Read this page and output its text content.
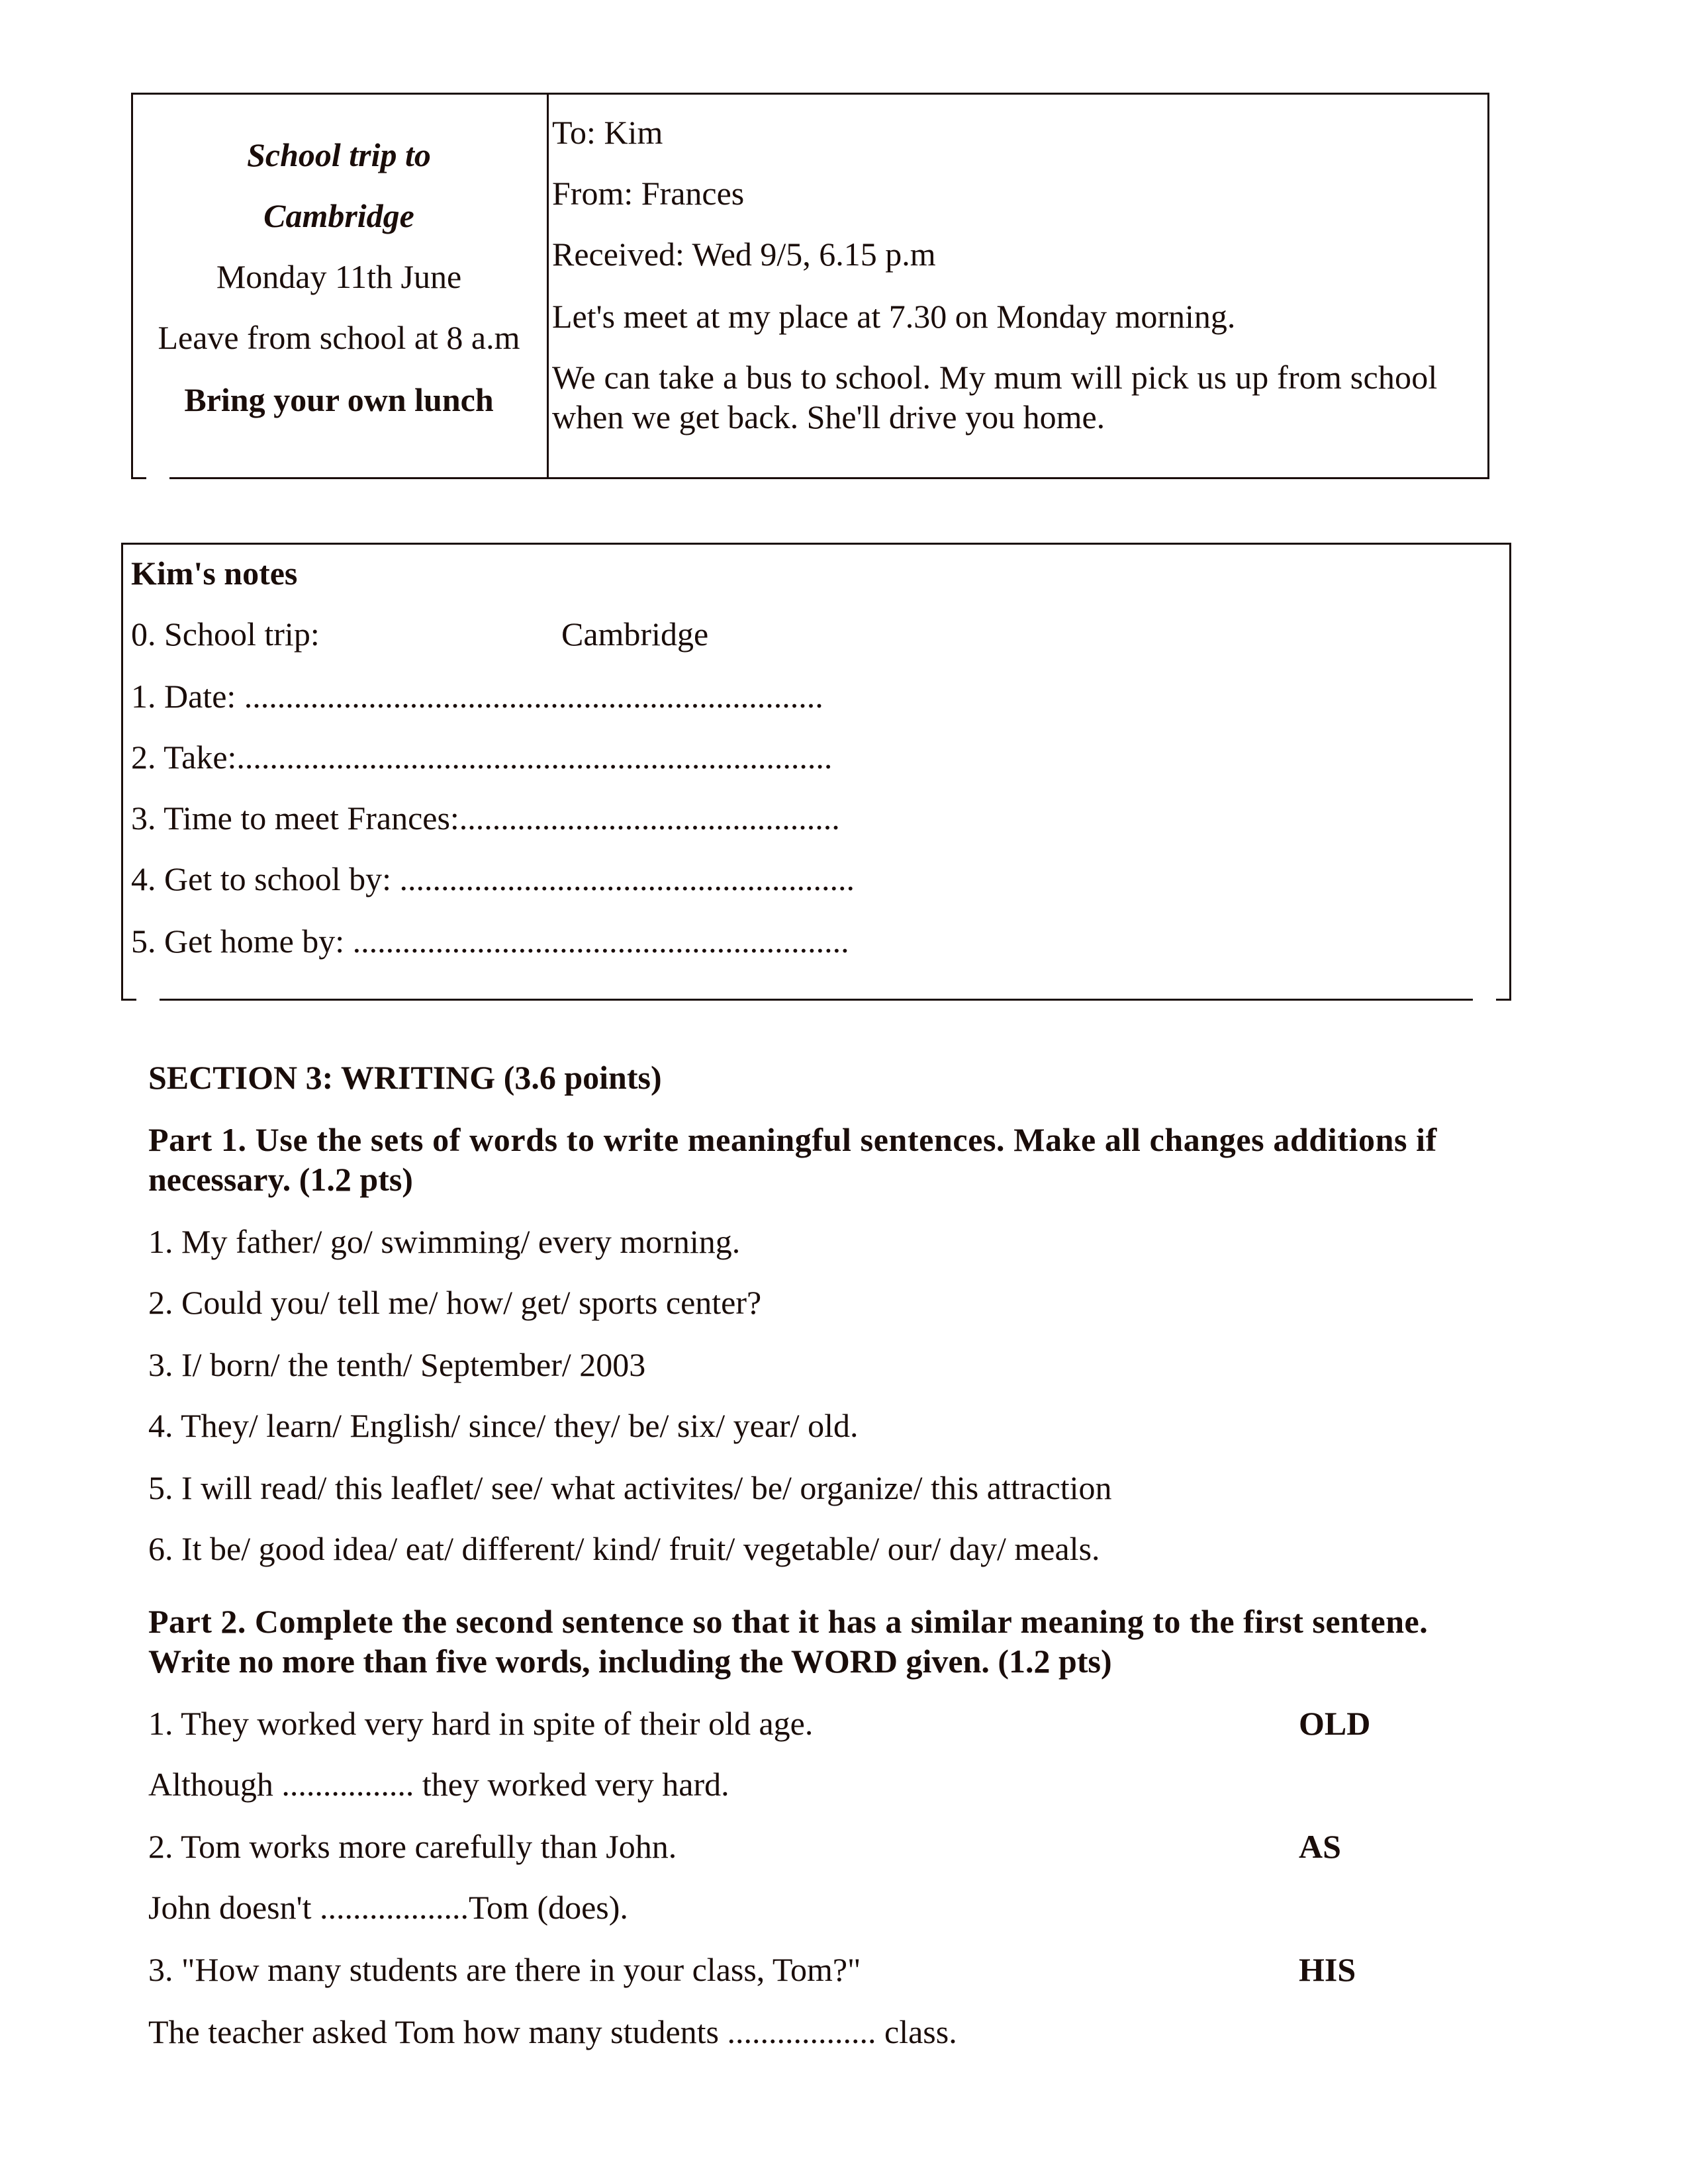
School trip to
Cambridge
Monday 11th June
Leave from school at 8 a.m
Bring your own lunch
To: Kim
From: Frances
Received: Wed 9/5, 6.15 p.m
Let's meet at my place at 7.30 on Monday morning.
We can take a bus to school. My mum will pick us up from school
when we get back. She'll drive you home.
Kim's notes
0. School trip:	Cambridge
1. Date: ......................................................................
2. Take:........................................................................
3. Time to meet Frances:..............................................
4. Get to school by: .......................................................
5. Get home by: ............................................................
SECTION 3: WRITING (3.6 points)
Part 1. Use the sets of words to write meaningful sentences. Make all changes additions if
necessary. (1.2 pts)
1. My father/ go/ swimming/ every morning.
2. Could you/ tell me/ how/ get/ sports center?
3. I/ born/ the tenth/ September/ 2003
4. They/ learn/ English/ since/ they/ be/ six/ year/ old.
5. I will read/ this leaflet/ see/ what activites/ be/ organize/ this attraction
6. It be/ good idea/ eat/ different/ kind/ fruit/ vegetable/ our/ day/ meals.
Part 2. Complete the second sentence so that it has a similar meaning to the first sentene.
Write no more than five words, including the WORD given. (1.2 pts)
1. They worked very hard in spite of their old age.	OLD
Although ................ they worked very hard.
2. Tom works more carefully than John.	AS
John doesn't ..................Tom (does).
3. "How many students are there in your class, Tom?"	HIS
The teacher asked Tom how many students .................. class.
